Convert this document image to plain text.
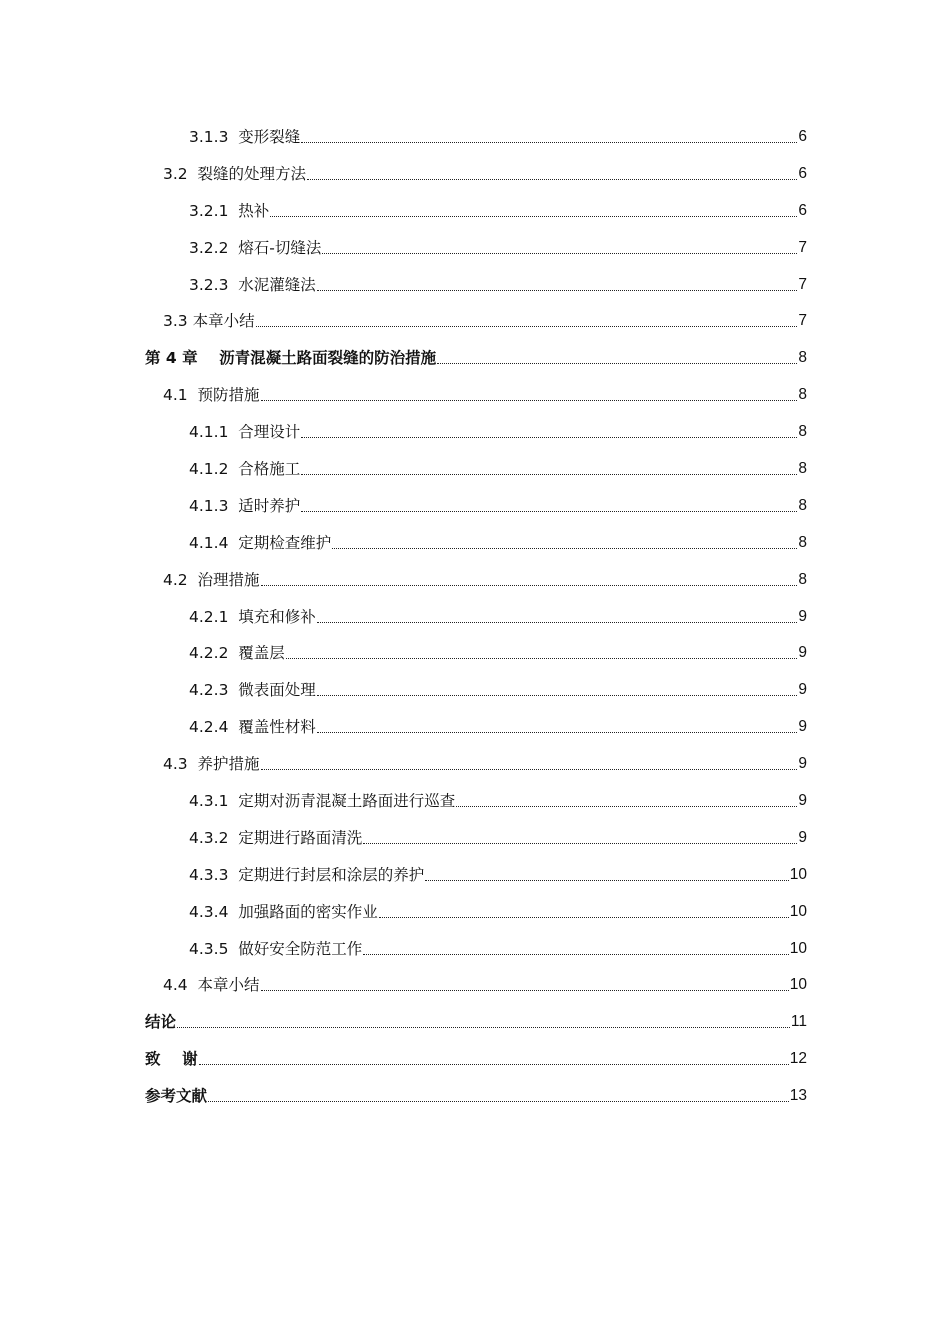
3.1.3  变形裂缝	6
3.2  裂缝的处理方法	6
3.2.1  热补	6
3.2.2  熔石-切缝法	7
3.2.3  水泥灌缝法	7
3.3 本章小结	7
第 4 章    沥青混凝土路面裂缝的防治措施	8
4.1  预防措施	8
4.1.1  合理设计	8
4.1.2  合格施工	8
4.1.3  适时养护	8
4.1.4  定期检查维护	8
4.2  治理措施	8
4.2.1  填充和修补	9
4.2.2  覆盖层	9
4.2.3  微表面处理	9
4.2.4  覆盖性材料	9
4.3  养护措施	9
4.3.1  定期对沥青混凝土路面进行巡查	9
4.3.2  定期进行路面清洗	9
4.3.3  定期进行封层和涂层的养护	10
4.3.4  加强路面的密实作业	10
4.3.5  做好安全防范工作	10
4.4  本章小结	10
结论	11
致    谢	12
参考文献	13
